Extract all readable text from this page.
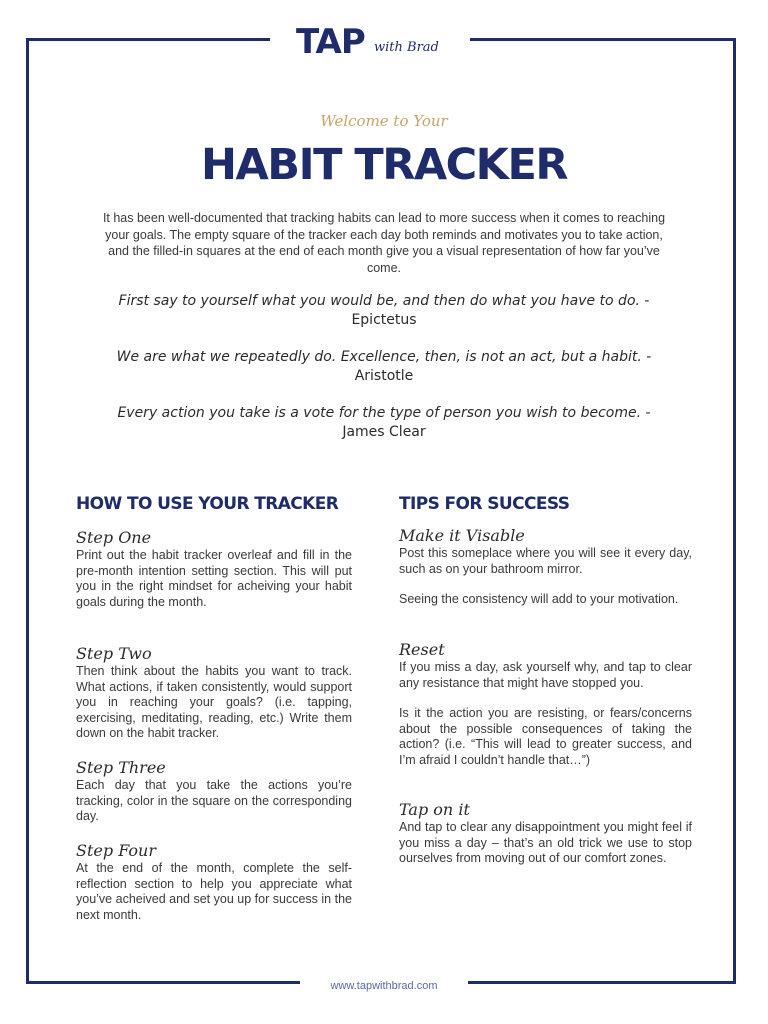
TAP with Brad
Welcome to Your
HABIT TRACKER
It has been well-documented that tracking habits can lead to more success when it comes to reaching your goals. The empty square of the tracker each day both reminds and motivates you to take action, and the filled-in squares at the end of each month give you a visual representation of how far you’ve come.
First say to yourself what you would be, and then do what you have to do. - Epictetus
We are what we repeatedly do. Excellence, then, is not an act, but a habit. - Aristotle
Every action you take is a vote for the type of person you wish to become. - James Clear
HOW TO USE YOUR TRACKER

Step One

Print out the habit tracker overleaf and fill in the pre-month intention setting section. This will put you in the right mindset for acheiving your habit goals during the month.

Step Two

Then think about the habits you want to track. What actions, if taken consistently, would support you in reaching your goals? (i.e. tapping, exercising, meditating, reading, etc.) Write them down on the habit tracker.

Step Three

Each day that you take the actions you’re tracking, color in the square on the corresponding day.

Step Four

At the end of the month, complete the self-reflection section to help you appreciate what you’ve acheived and set you up for success in the next month.

TIPS FOR SUCCESS

Make it Visable

Post this someplace where you will see it every day, such as on your bathroom mirror.

Seeing the consistency will add to your motivation.

Reset

If you miss a day, ask yourself why, and tap to clear any resistance that might have stopped you.

Is it the action you are resisting, or fears/concerns about the possible consequences of taking the action? (i.e. “This will lead to greater success, and I’m afraid I couldn’t handle that…”)

Tap on it

And tap to clear any disappointment you might feel if you miss a day – that’s an old trick we use to stop ourselves from moving out of our comfort zones.

www.tapwithbrad.com
